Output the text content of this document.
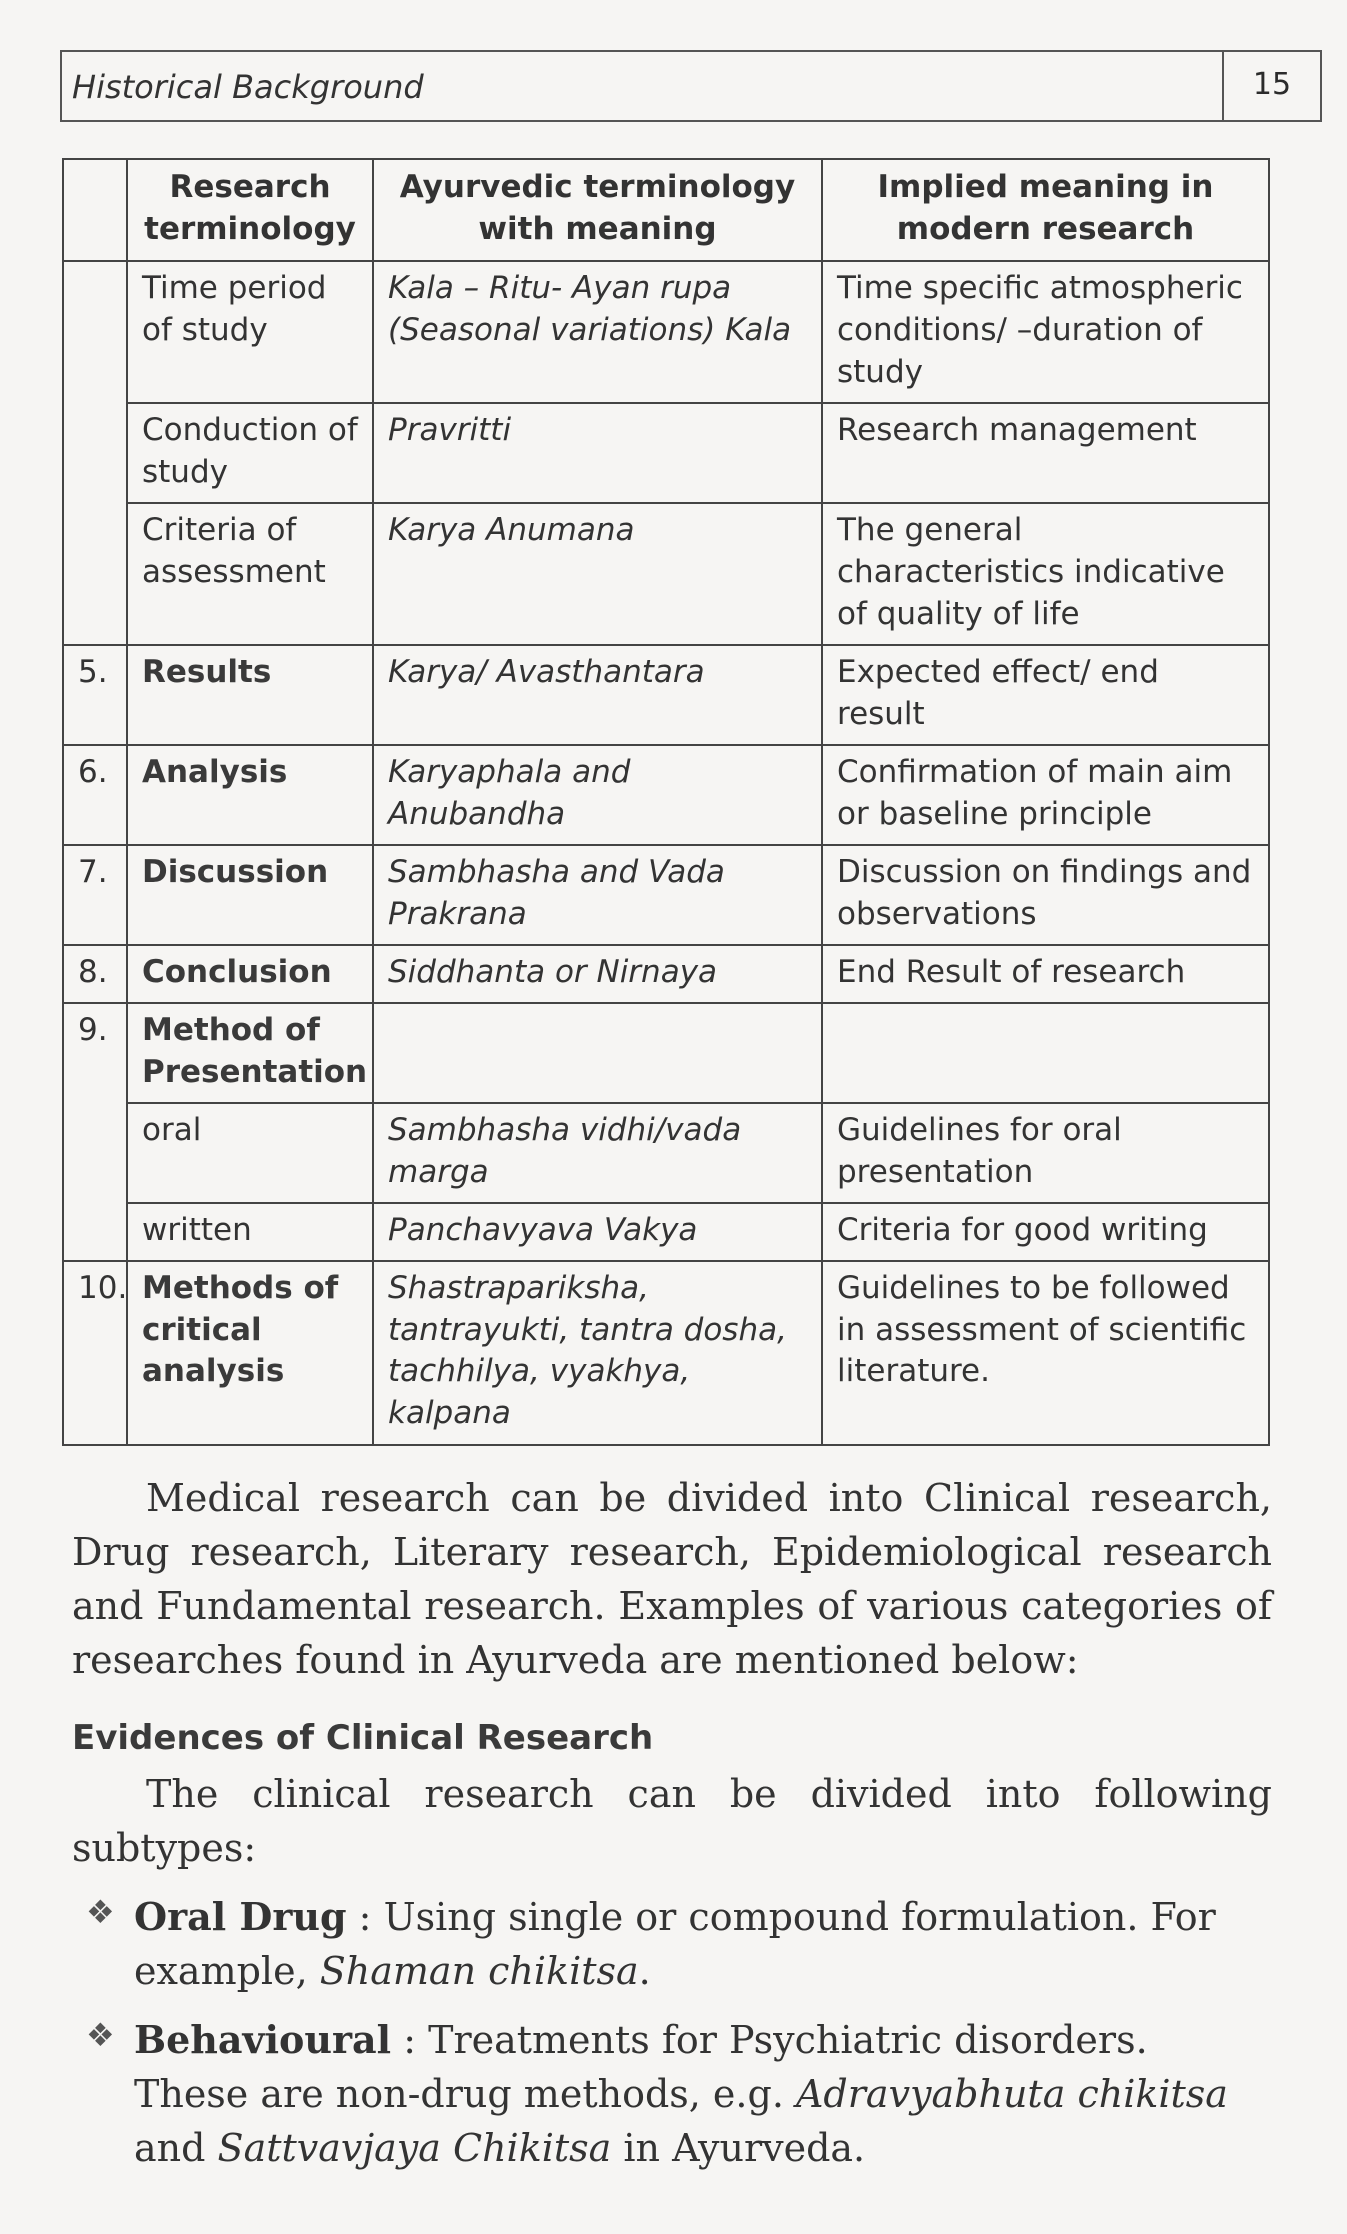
Historical Background	15
	Research terminology	Ayurvedic terminology with meaning	Implied meaning in modern research
	Time period of study	Kala – Ritu- Ayan rupa (Seasonal variations) Kala	Time specific atmospheric conditions/ –duration of study
	Conduction of study	Pravritti	Research management
	Criteria of assessment	Karya Anumana	The general characteristics indicative of quality of life
5.	Results	Karya/ Avasthantara	Expected effect/ end result
6.	Analysis	Karyaphala and Anubandha	Confirmation of main aim or baseline principle
7.	Discussion	Sambhasha and Vada Prakrana	Discussion on findings and observations
8.	Conclusion	Siddhanta or Nirnaya	End Result of research
9.	Method of Presentation		
	oral	Sambhasha vidhi/vada marga	Guidelines for oral presentation
	written	Panchavyava Vakya	Criteria for good writing
10.	Methods of critical analysis	Shastrapariksha, tantrayukti, tantra dosha, tachhilya, vyakhya, kalpana	Guidelines to be followed in assessment of scientific literature.

Medical research can be divided into Clinical research, Drug research, Literary research, Epidemiological research and Fundamental research. Examples of various categories of researches found in Ayurveda are mentioned below:

Evidences of Clinical Research

The clinical research can be divided into following subtypes:

❖ Oral Drug : Using single or compound formulation. For example, Shaman chikitsa.
❖ Behavioural : Treatments for Psychiatric disorders. These are non-drug methods, e.g. Adravyabhuta chikitsa and Sattvavjaya Chikitsa in Ayurveda.
